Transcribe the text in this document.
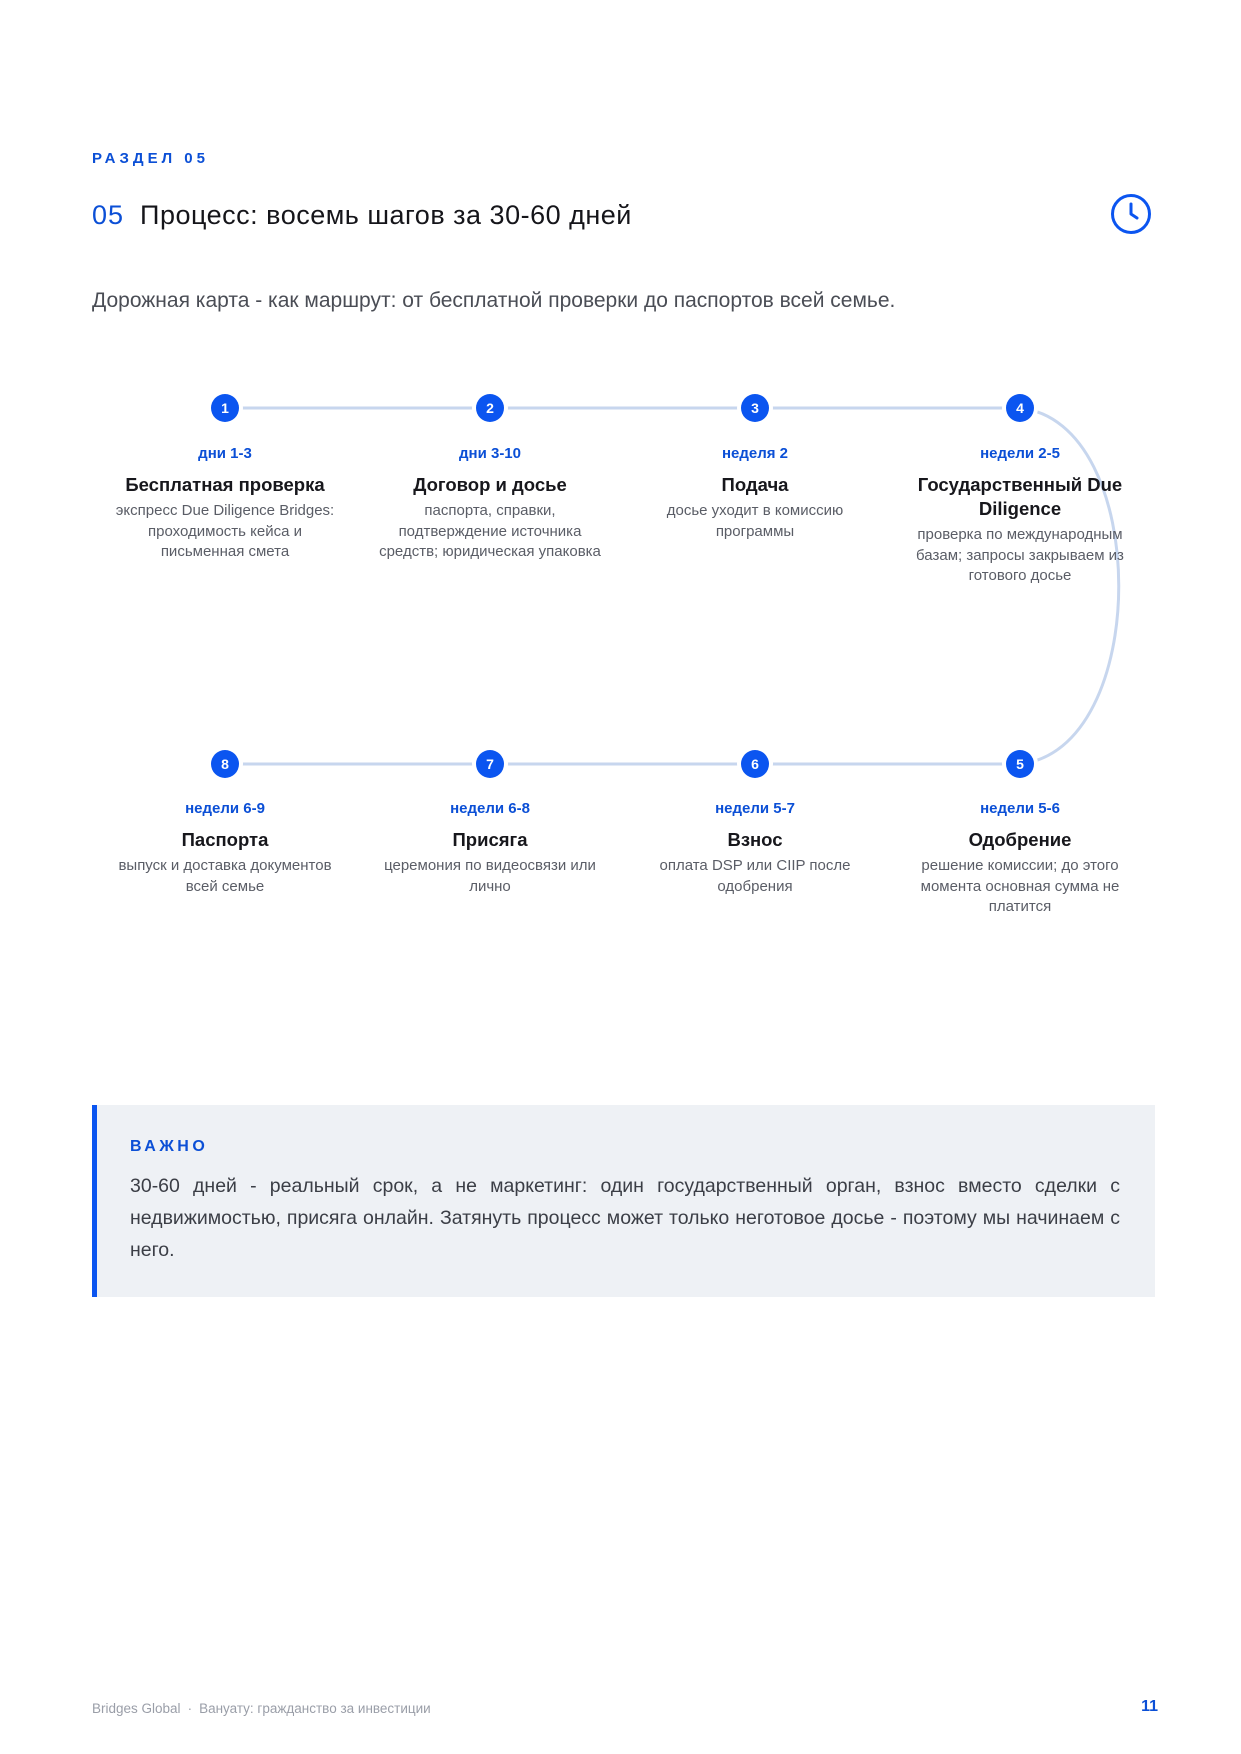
РАЗДЕЛ 05
05 Процесс: восемь шагов за 30-60 дней
Дорожная карта - как маршрут: от бесплатной проверки до паспортов всей семье.
1	2	3	4
5
6
7
8
дни 1-3
Бесплатная проверка
экспресс Due Diligence Bridges: проходимость кейса и письменная смета
дни 3-10
Договор и досье
паспорта, справки, подтверждение источника средств; юридическая упаковка
неделя 2
Подача
досье уходит в комиссию программы
недели 2-5
Государственный Due Diligence
проверка по международным базам; запросы закрываем из готового досье
недели 5-6
Одобрение
решение комиссии; до этого момента основная сумма не платится
недели 5-7
Взнос
оплата DSP или CIIP после одобрения
недели 6-8
Присяга
церемония по видеосвязи или лично
недели 6-9
Паспорта
выпуск и доставка документов всей семье
ВАЖНО
30-60 дней - реальный срок, а не маркетинг: один государственный орган, взнос вместо сделки с недвижимостью, присяга онлайн. Затянуть процесс может только неготовое досье - поэтому мы начинаем с него.
Bridges Global · Вануату: гражданство за инвестиции	11
